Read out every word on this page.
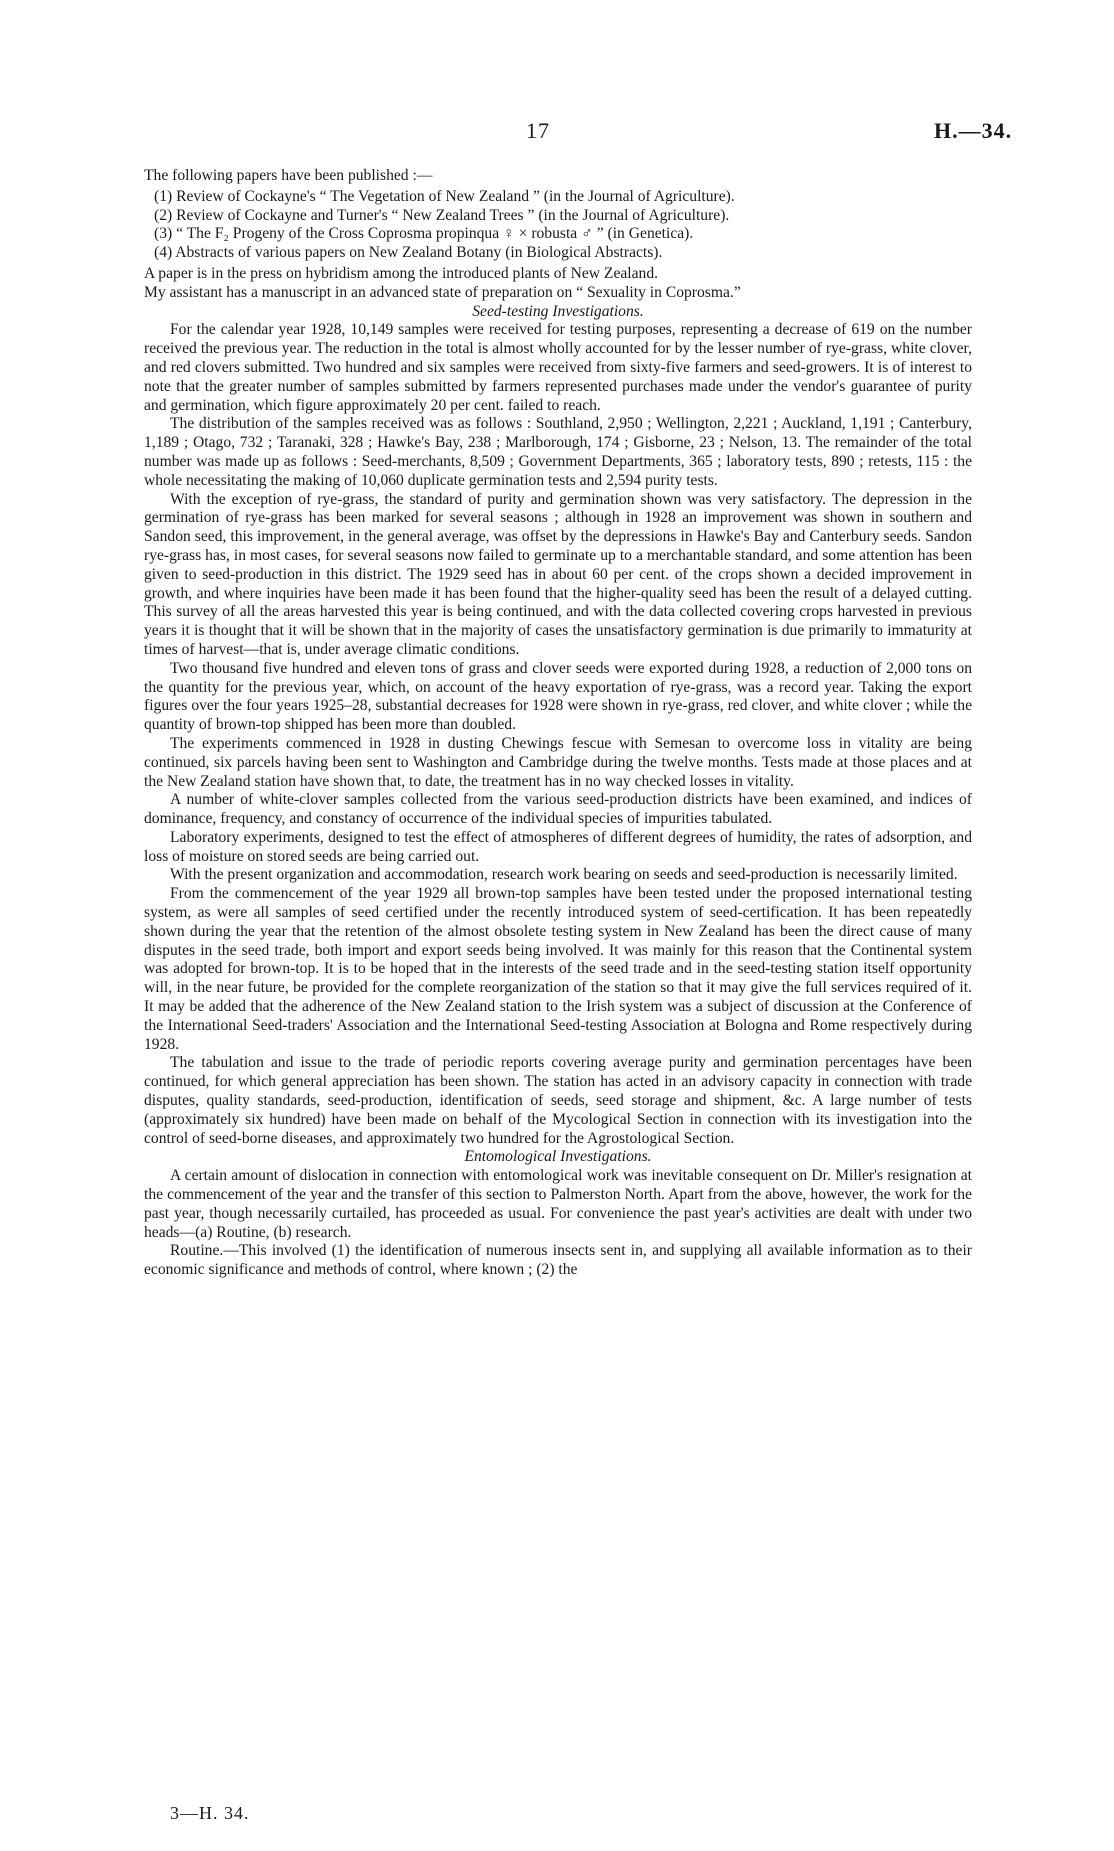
17	H.—34.

The following papers have been published :—

(1) Review of Cockayne's “ The Vegetation of New Zealand ” (in the Journal of Agriculture).
(2) Review of Cockayne and Turner's “ New Zealand Trees ” (in the Journal of Agriculture).
(3) “ The F₂ Progeny of the Cross Coprosma propinqua ♀ × robusta ♂ ” (in Genetica).
(4) Abstracts of various papers on New Zealand Botany (in Biological Abstracts).

A paper is in the press on hybridism among the introduced plants of New Zealand.

My assistant has a manuscript in an advanced state of preparation on “ Sexuality in Coprosma.”

Seed-testing Investigations.

For the calendar year 1928, 10,149 samples were received for testing purposes, representing a decrease of 619 on the number received the previous year. The reduction in the total is almost wholly accounted for by the lesser number of rye-grass, white clover, and red clovers submitted. Two hundred and six samples were received from sixty-five farmers and seed-growers. It is of interest to note that the greater number of samples submitted by farmers represented purchases made under the vendor's guarantee of purity and germination, which figure approximately 20 per cent. failed to reach.

The distribution of the samples received was as follows : Southland, 2,950 ; Wellington, 2,221 ; Auckland, 1,191 ; Canterbury, 1,189 ; Otago, 732 ; Taranaki, 328 ; Hawke's Bay, 238 ; Marlborough, 174 ; Gisborne, 23 ; Nelson, 13. The remainder of the total number was made up as follows : Seed-merchants, 8,509 ; Government Departments, 365 ; laboratory tests, 890 ; retests, 115 : the whole necessitating the making of 10,060 duplicate germination tests and 2,594 purity tests.

With the exception of rye-grass, the standard of purity and germination shown was very satisfactory. The depression in the germination of rye-grass has been marked for several seasons ; although in 1928 an improvement was shown in southern and Sandon seed, this improvement, in the general average, was offset by the depressions in Hawke's Bay and Canterbury seeds. Sandon rye-grass has, in most cases, for several seasons now failed to germinate up to a merchantable standard, and some attention has been given to seed-production in this district. The 1929 seed has in about 60 per cent. of the crops shown a decided improvement in growth, and where inquiries have been made it has been found that the higher-quality seed has been the result of a delayed cutting. This survey of all the areas harvested this year is being continued, and with the data collected covering crops harvested in previous years it is thought that it will be shown that in the majority of cases the unsatisfactory germination is due primarily to immaturity at times of harvest—that is, under average climatic conditions.

Two thousand five hundred and eleven tons of grass and clover seeds were exported during 1928, a reduction of 2,000 tons on the quantity for the previous year, which, on account of the heavy exportation of rye-grass, was a record year. Taking the export figures over the four years 1925–28, substantial decreases for 1928 were shown in rye-grass, red clover, and white clover ; while the quantity of brown-top shipped has been more than doubled.

The experiments commenced in 1928 in dusting Chewings fescue with Semesan to overcome loss in vitality are being continued, six parcels having been sent to Washington and Cambridge during the twelve months. Tests made at those places and at the New Zealand station have shown that, to date, the treatment has in no way checked losses in vitality.

A number of white-clover samples collected from the various seed-production districts have been examined, and indices of dominance, frequency, and constancy of occurrence of the individual species of impurities tabulated.

Laboratory experiments, designed to test the effect of atmospheres of different degrees of humidity, the rates of adsorption, and loss of moisture on stored seeds are being carried out.

With the present organization and accommodation, research work bearing on seeds and seed-production is necessarily limited.

From the commencement of the year 1929 all brown-top samples have been tested under the proposed international testing system, as were all samples of seed certified under the recently introduced system of seed-certification. It has been repeatedly shown during the year that the retention of the almost obsolete testing system in New Zealand has been the direct cause of many disputes in the seed trade, both import and export seeds being involved. It was mainly for this reason that the Continental system was adopted for brown-top. It is to be hoped that in the interests of the seed trade and in the seed-testing station itself opportunity will, in the near future, be provided for the complete reorganization of the station so that it may give the full services required of it. It may be added that the adherence of the New Zealand station to the Irish system was a subject of discussion at the Conference of the International Seed-traders' Association and the International Seed-testing Association at Bologna and Rome respectively during 1928.

The tabulation and issue to the trade of periodic reports covering average purity and germination percentages have been continued, for which general appreciation has been shown. The station has acted in an advisory capacity in connection with trade disputes, quality standards, seed-production, identification of seeds, seed storage and shipment, &c. A large number of tests (approximately six hundred) have been made on behalf of the Mycological Section in connection with its investigation into the control of seed-borne diseases, and approximately two hundred for the Agrostological Section.

Entomological Investigations.

A certain amount of dislocation in connection with entomological work was inevitable consequent on Dr. Miller's resignation at the commencement of the year and the transfer of this section to Palmerston North. Apart from the above, however, the work for the past year, though necessarily curtailed, has proceeded as usual. For convenience the past year's activities are dealt with under two heads—(a) Routine, (b) research.

Routine.—This involved (1) the identification of numerous insects sent in, and supplying all available information as to their economic significance and methods of control, where known ; (2) the

3—H. 34.
